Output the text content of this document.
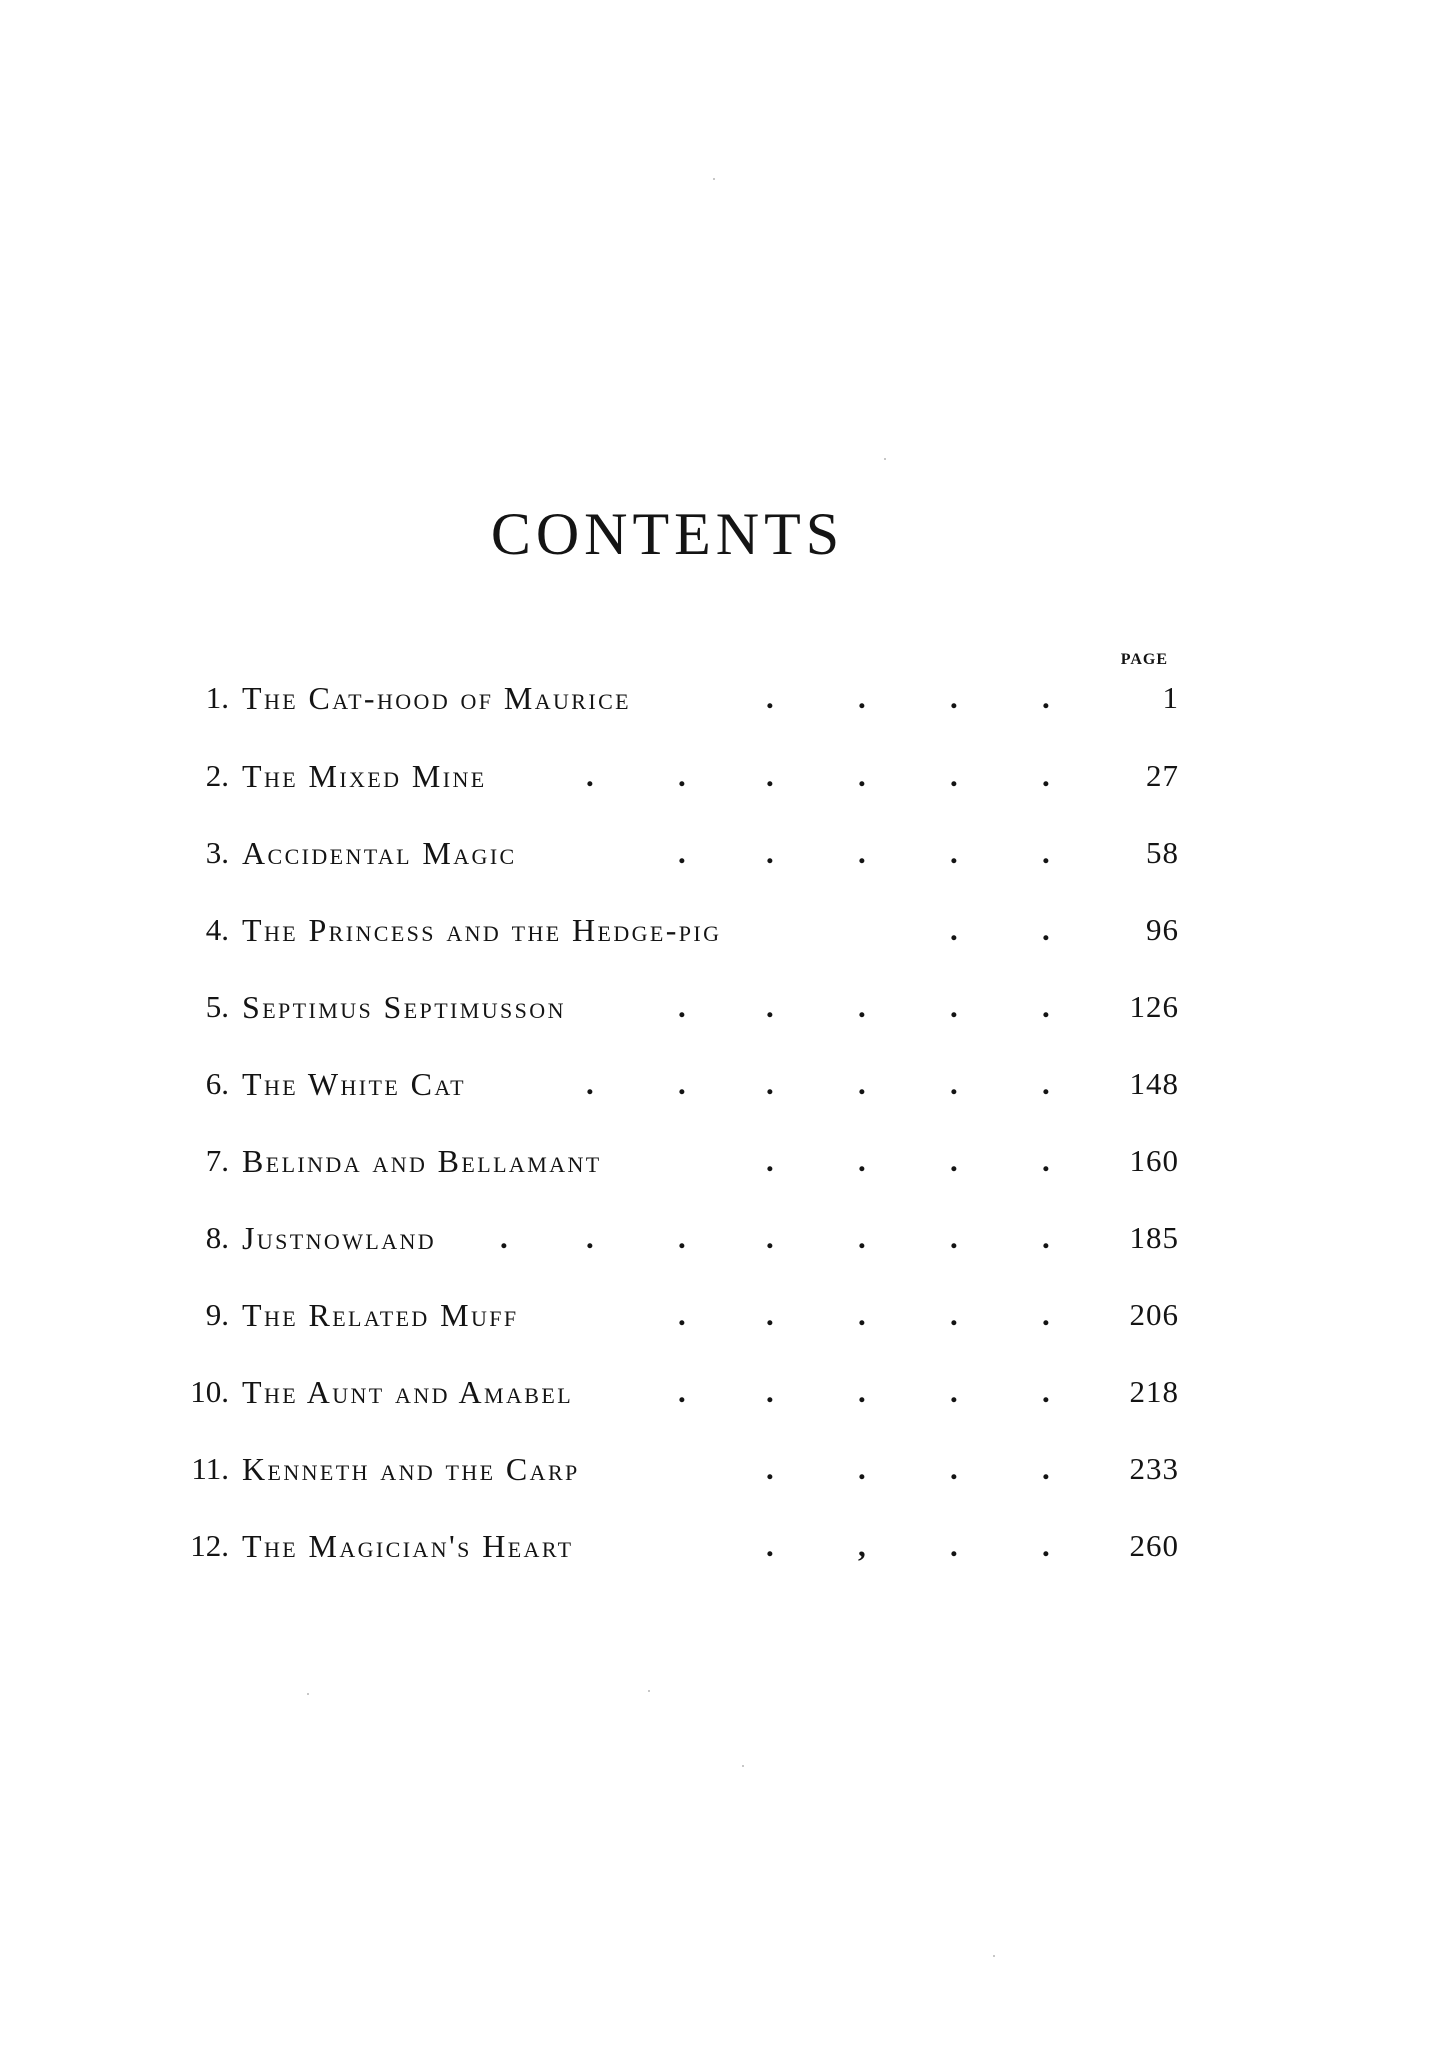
CONTENTS
PAGE
1. The Cat-hood of Maurice	.	.	.	.	1
2. The Mixed Mine	.	.	.	.	.	.	27
3. Accidental Magic	.	.	.	.	.	58
4. The Princess and the Hedge-pig	.	.	96
5. Septimus Septimusson	.	.	.	.	.	126
6. The White Cat	.	.	.	.	.	.	148
7. Belinda and Bellamant	.	.	.	.	160
8. Justnowland .	.	.	.	.	.	.	185
9. The Related Muff	.	.	.	.	.	206
10. The Aunt and Amabel	.	.	.	.	.	218
11. Kenneth and the Carp	.	.	.	.	233
12. The Magician's Heart	.	,	.	.	260
